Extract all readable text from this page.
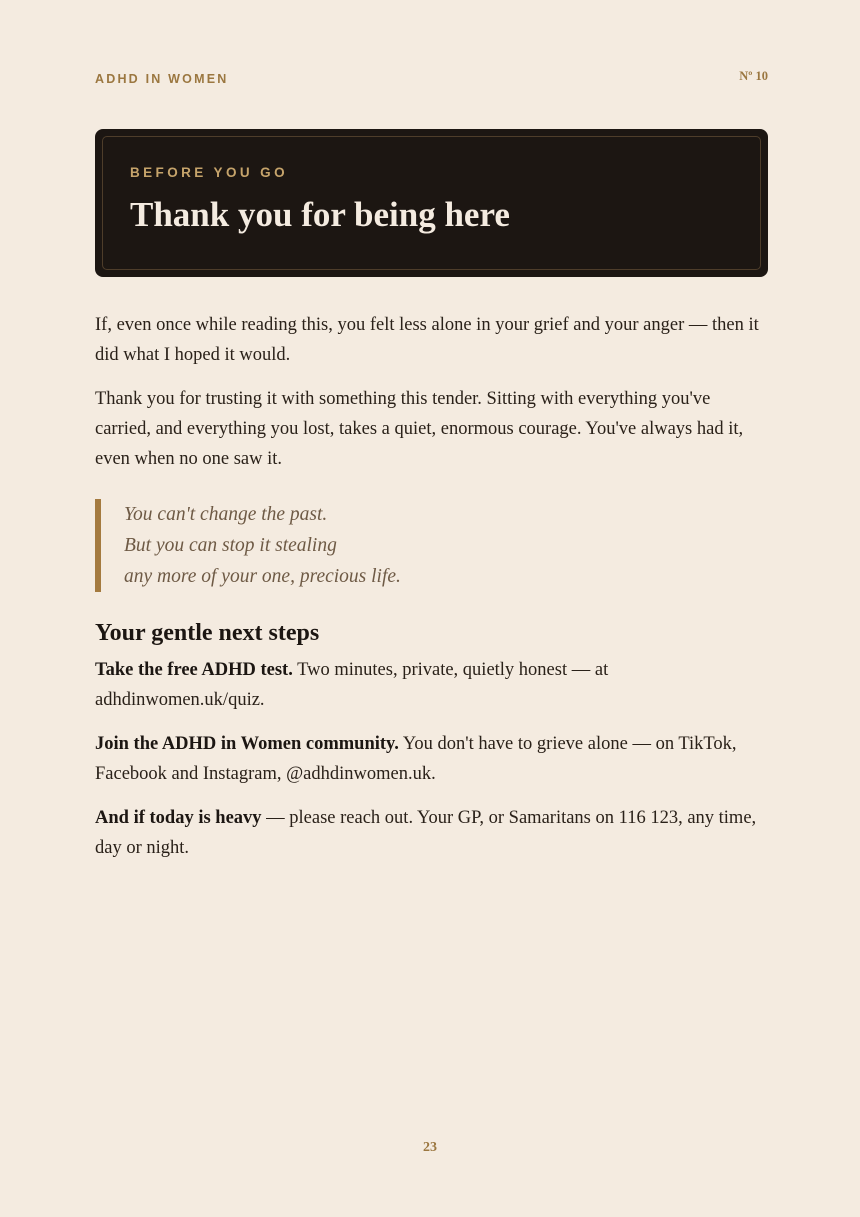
ADHD IN WOMEN	Nº 10
BEFORE YOU GO
Thank you for being here

If, even once while reading this, you felt less alone in your grief and your anger — then it did what I hoped it would.

Thank you for trusting it with something this tender. Sitting with everything you've carried, and everything you lost, takes a quiet, enormous courage. You've always had it, even when no one saw it.

You can't change the past.
But you can stop it stealing
any more of your one, precious life.
Your gentle next steps

Take the free ADHD test. Two minutes, private, quietly honest — at adhdinwomen.uk/quiz.

Join the ADHD in Women community. You don't have to grieve alone — on TikTok, Facebook and Instagram, @adhdinwomen.uk.

And if today is heavy — please reach out. Your GP, or Samaritans on 116 123, any time, day or night.

23
